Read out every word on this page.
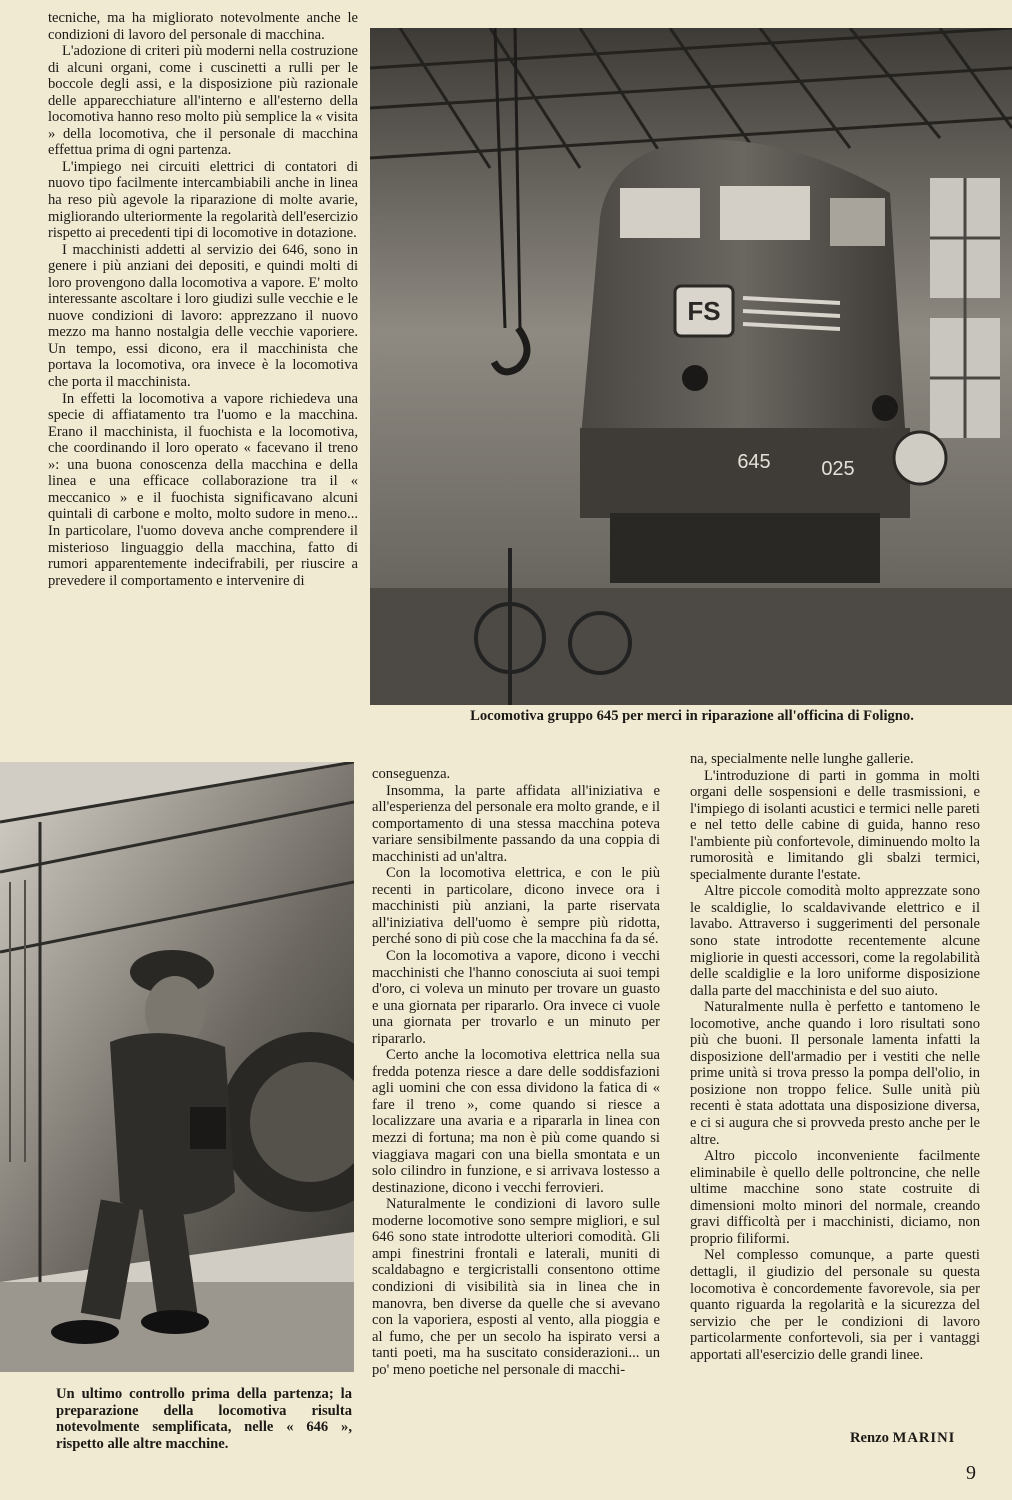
tecniche, ma ha migliorato notevolmente anche le condizioni di lavoro del personale di macchina.

L'adozione di criteri più moderni nella costruzione di alcuni organi, come i cuscinetti a rulli per le boccole degli assi, e la disposizione più razionale delle apparecchiature all'interno e all'esterno della locomotiva hanno reso molto più semplice la « visita » della locomotiva, che il personale di macchina effettua prima di ogni partenza.

L'impiego nei circuiti elettrici di contatori di nuovo tipo facilmente intercambiabili anche in linea ha reso più agevole la riparazione di molte avarie, migliorando ulteriormente la regolarità dell'esercizio rispetto ai precedenti tipi di locomotive in dotazione.

I macchinisti addetti al servizio dei 646, sono in genere i più anziani dei depositi, e quindi molti di loro provengono dalla locomotiva a vapore. E' molto interessante ascoltare i loro giudizi sulle vecchie e le nuove condizioni di lavoro: apprezzano il nuovo mezzo ma hanno nostalgia delle vecchie vaporiere. Un tempo, essi dicono, era il macchinista che portava la locomotiva, ora invece è la locomotiva che porta il macchinista.

In effetti la locomotiva a vapore richiedeva una specie di affiatamento tra l'uomo e la macchina. Erano il macchinista, il fuochista e la locomotiva, che coordinando il loro operato « facevano il treno »: una buona conoscenza della macchina e della linea e una efficace collaborazione tra il « meccanico » e il fuochista significavano alcuni quintali di carbone e molto, molto sudore in meno... In particolare, l'uomo doveva anche comprendere il misterioso linguaggio della macchina, fatto di rumori apparentemente indecifrabili, per riuscire a prevedere il comportamento e intervenire di

FS
645	025
Locomotiva gruppo 645 per merci in riparazione all'officina di Foligno.
Un ultimo controllo prima della partenza; la preparazione della locomotiva risulta notevolmente semplificata, nelle « 646 », rispetto alle altre macchine.

conseguenza.

Insomma, la parte affidata all'iniziativa e all'esperienza del personale era molto grande, e il comportamento di una stessa macchina poteva variare sensibilmente passando da una coppia di macchinisti ad un'altra.

Con la locomotiva elettrica, e con le più recenti in particolare, dicono invece ora i macchinisti più anziani, la parte riservata all'iniziativa dell'uomo è sempre più ridotta, perché sono di più cose che la macchina fa da sé.

Con la locomotiva a vapore, dicono i vecchi macchinisti che l'hanno conosciuta ai suoi tempi d'oro, ci voleva un minuto per trovare un guasto e una giornata per ripararlo. Ora invece ci vuole una giornata per trovarlo e un minuto per ripararlo.

Certo anche la locomotiva elettrica nella sua fredda potenza riesce a dare delle soddisfazioni agli uomini che con essa dividono la fatica di « fare il treno », come quando si riesce a localizzare una avaria e a ripararla in linea con mezzi di fortuna; ma non è più come quando si viaggiava magari con una biella smontata e un solo cilindro in funzione, e si arrivava lostesso a destinazione, dicono i vecchi ferrovieri.

Naturalmente le condizioni di lavoro sulle moderne locomotive sono sempre migliori, e sul 646 sono state introdotte ulteriori comodità. Gli ampi finestrini frontali e laterali, muniti di scaldabagno e tergicristalli consentono ottime condizioni di visibilità sia in linea che in manovra, ben diverse da quelle che si avevano con la vaporiera, esposti al vento, alla pioggia e al fumo, che per un secolo ha ispirato versi a tanti poeti, ma ha suscitato considerazioni... un po' meno poetiche nel personale di macchi-

na, specialmente nelle lunghe gallerie.

L'introduzione di parti in gomma in molti organi delle sospensioni e delle trasmissioni, e l'impiego di isolanti acustici e termici nelle pareti e nel tetto delle cabine di guida, hanno reso l'ambiente più confortevole, diminuendo molto la rumorosità e limitando gli sbalzi termici, specialmente durante l'estate.

Altre piccole comodità molto apprezzate sono le scaldiglie, lo scaldavivande elettrico e il lavabo. Attraverso i suggerimenti del personale sono state introdotte recentemente alcune migliorie in questi accessori, come la regolabilità delle scaldiglie e la loro uniforme disposizione dalla parte del macchinista e del suo aiuto.

Naturalmente nulla è perfetto e tantomeno le locomotive, anche quando i loro risultati sono più che buoni. Il personale lamenta infatti la disposizione dell'armadio per i vestiti che nelle prime unità si trova presso la pompa dell'olio, in posizione non troppo felice. Sulle unità più recenti è stata adottata una disposizione diversa, e ci si augura che si provveda presto anche per le altre.

Altro piccolo inconveniente facilmente eliminabile è quello delle poltroncine, che nelle ultime macchine sono state costruite di dimensioni molto minori del normale, creando gravi difficoltà per i macchinisti, diciamo, non proprio filiformi.

Nel complesso comunque, a parte questi dettagli, il giudizio del personale su questa locomotiva è concordemente favorevole, sia per quanto riguarda la regolarità e la sicurezza del servizio che per le condizioni di lavoro particolarmente confortevoli, sia per i vantaggi apportati all'esercizio delle grandi linee.

Renzo MARINI
9
